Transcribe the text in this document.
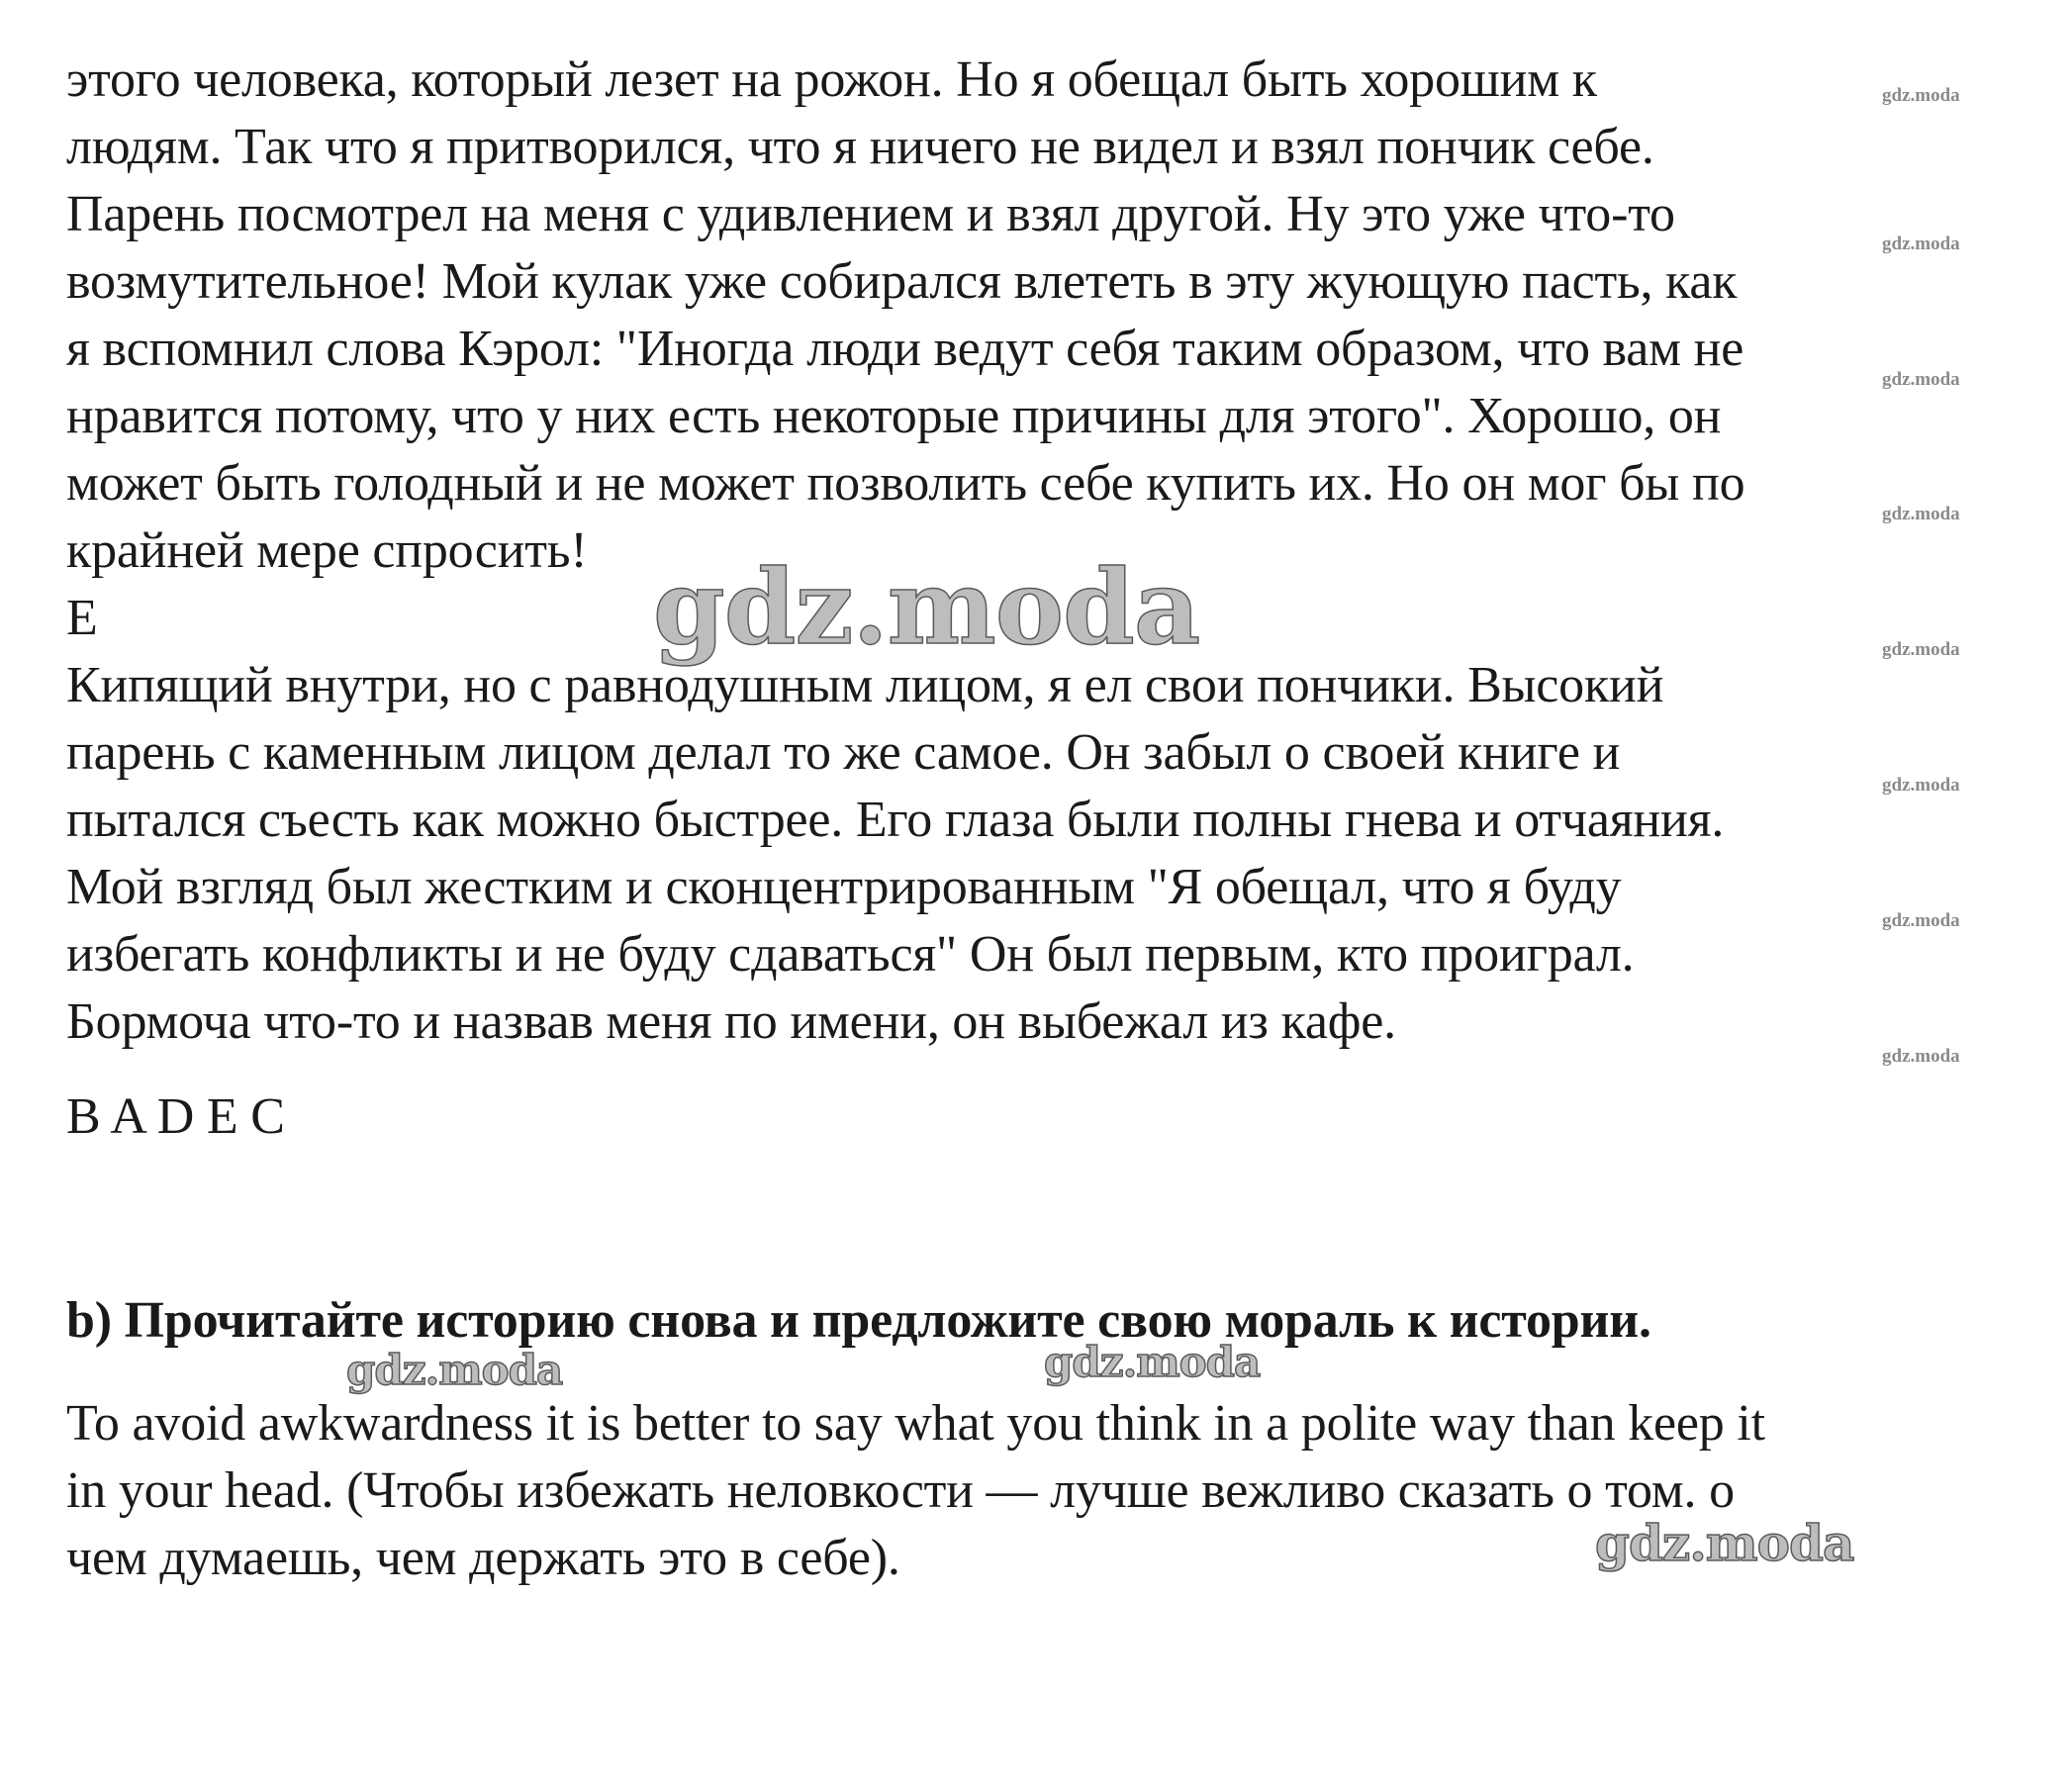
этого человека, который лезет на рожон. Но я обещал быть хорошим к
людям. Так что я притворился, что я ничего не видел и взял пончик себе.
Парень посмотрел на меня с удивлением и взял другой. Ну это уже что-то
возмутительное! Мой кулак уже собирался влететь в эту жующую пасть, как
я вспомнил слова Кэрол: "Иногда люди ведут себя таким образом, что вам не
нравится потому, что у них есть некоторые причины для этого". Хорошо, он
может быть голодный и не может позволить себе купить их. Но он мог бы по
крайней мере спросить!
E
Кипящий внутри, но с равнодушным лицом, я ел свои пончики. Высокий
парень с каменным лицом делал то же самое. Он забыл о своей книге и
пытался съесть как можно быстрее. Его глаза были полны гнева и отчаяния.
Мой взгляд был жестким и сконцентрированным "Я обещал, что я буду
избегать конфликты и не буду сдаваться" Он был первым, кто проиграл.
Бормоча что-то и назвав меня по имени, он выбежал из кафе.
B A D E C
b) Прочитайте историю снова и предложите свою мораль к истории.
To avoid awkwardness it is better to say what you think in a polite way than keep it
in your head. (Чтобы избежать неловкости — лучше вежливо сказать о том. о
чем думаешь, чем держать это в себе).
gdz.moda
gdz.moda
gdz.moda
gdz.moda
gdz.moda
gdz.moda
gdz.moda
gdz.moda
gdz.moda
gdz.moda	gdz.moda
gdz.moda
